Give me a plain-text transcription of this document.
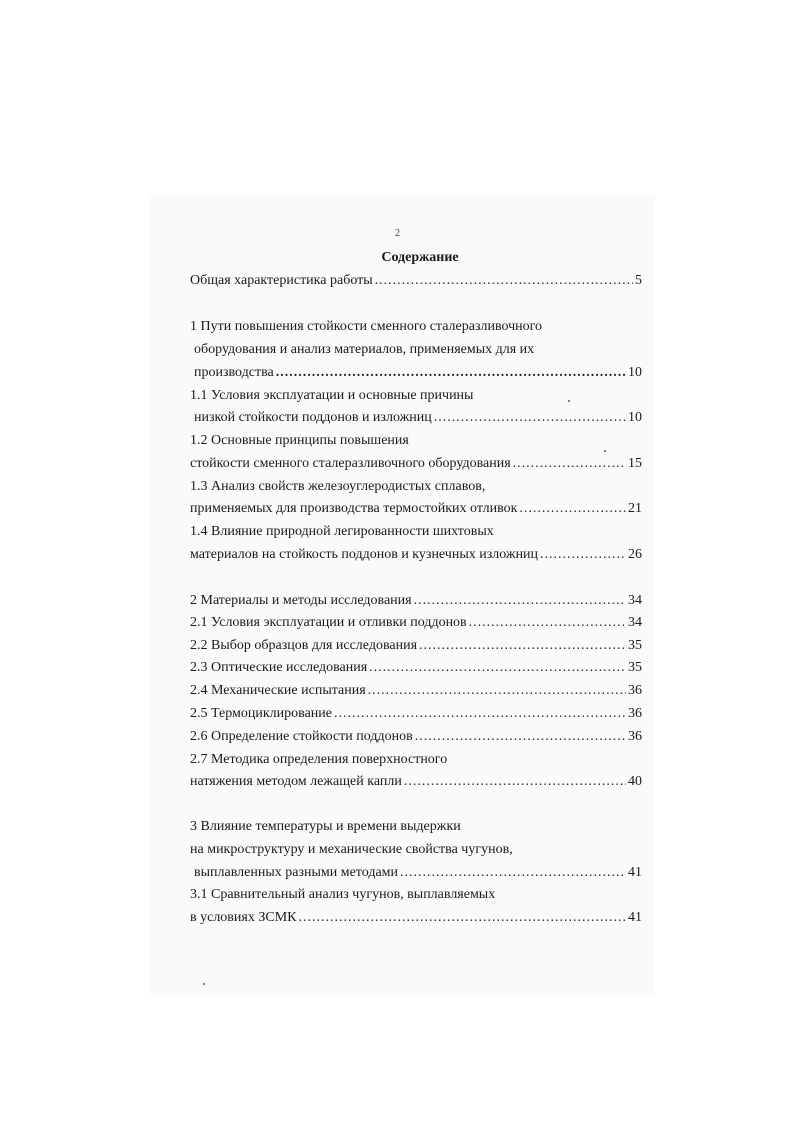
2
Содержание
Общая характеристика работы .....	5
1 Пути повышения стойкости сменного сталеразливочного
оборудования и анализ материалов, применяемых для их
производства .....	10
1.1 Условия эксплуатации и основные причины
низкой стойкости поддонов и изложниц .....	10
1.2 Основные принципы повышения
стойкости сменного сталеразливочного оборудования .....	15
1.3 Анализ свойств железоуглеродистых сплавов,
применяемых для производства термостойких отливок .....	21
1.4 Влияние природной легированности шихтовых
материалов на стойкость поддонов и кузнечных изложниц .....	26
2 Материалы и методы исследования .....	34
2.1 Условия эксплуатации и отливки поддонов .....	34
2.2 Выбор образцов для исследования .....	35
2.3 Оптические исследования .....	35
2.4 Механические испытания .....	36
2.5 Термоциклирование .....	36
2.6 Определение стойкости поддонов .....	36
2.7 Методика определения поверхностного
натяжения методом лежащей капли .....	40
3 Влияние температуры и времени выдержки
на микроструктуру и механические свойства чугунов,
выплавленных разными методами .....	41
3.1 Сравнительный анализ чугунов, выплавляемых
в условиях ЗСМК .....	41
